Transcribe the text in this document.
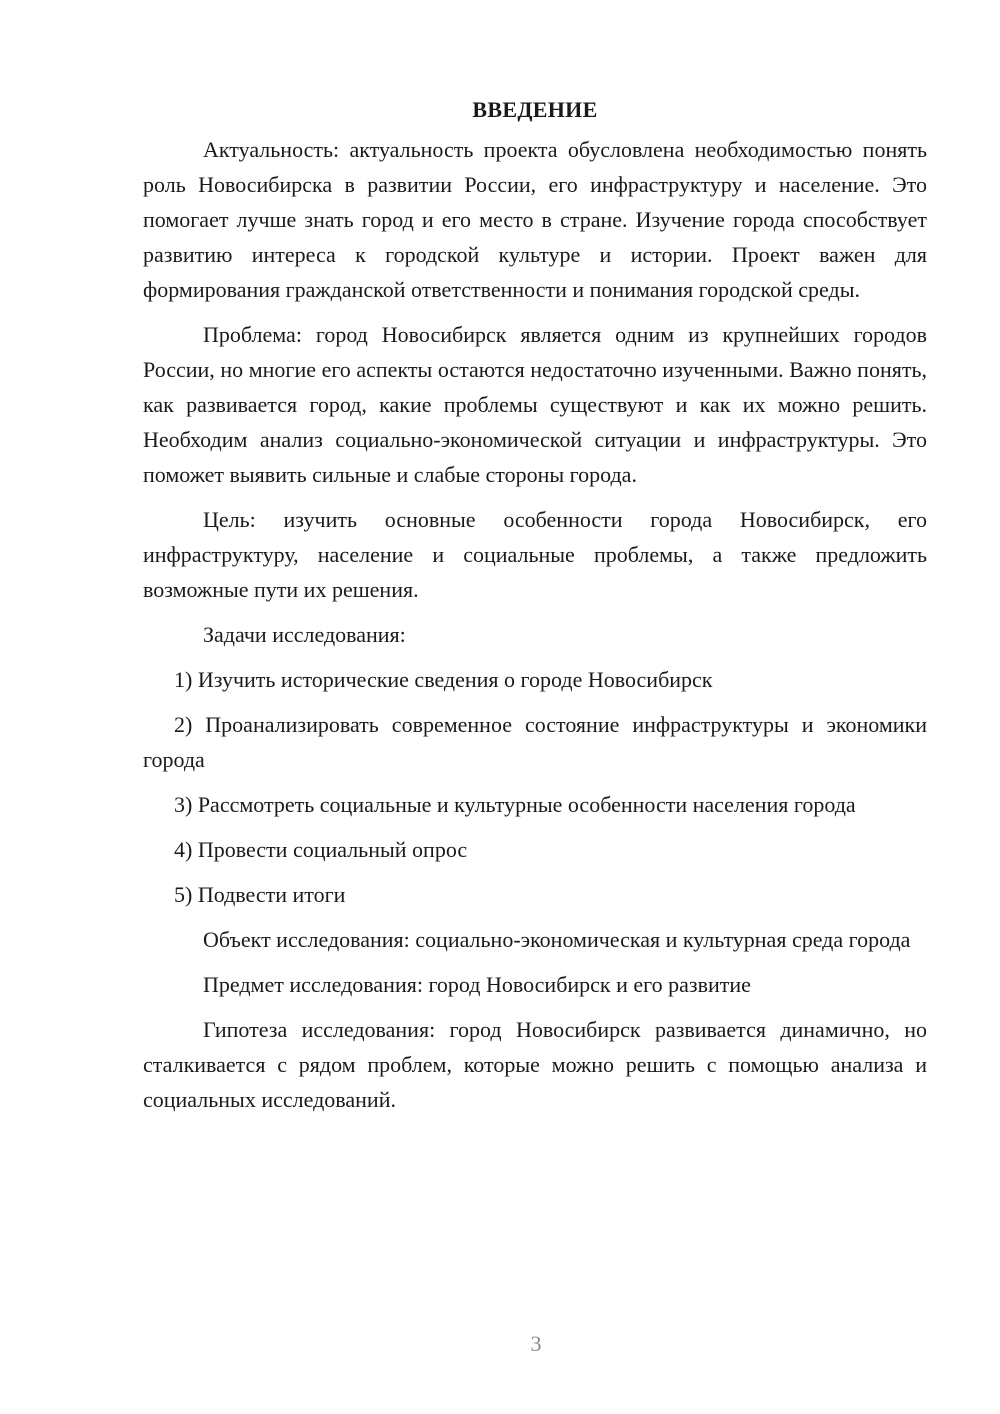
ВВЕДЕНИЕ

Актуальность: актуальность проекта обусловлена необходимостью понять роль Новосибирска в развитии России, его инфраструктуру и население. Это помогает лучше знать город и его место в стране. Изучение города способствует развитию интереса к городской культуре и истории. Проект важен для формирования гражданской ответственности и понимания городской среды.

Проблема: город Новосибирск является одним из крупнейших городов России, но многие его аспекты остаются недостаточно изученными. Важно понять, как развивается город, какие проблемы существуют и как их можно решить. Необходим анализ социально-экономической ситуации и инфраструктуры. Это поможет выявить сильные и слабые стороны города.

Цель: изучить основные особенности города Новосибирск, его инфраструктуру, население и социальные проблемы, а также предложить возможные пути их решения.

Задачи исследования:

1) Изучить исторические сведения о городе Новосибирск

2) Проанализировать современное состояние инфраструктуры и экономики города

3) Рассмотреть социальные и культурные особенности населения города

4) Провести социальный опрос

5) Подвести итоги

Объект исследования: социально-экономическая и культурная среда города

Предмет исследования: город Новосибирск и его развитие

Гипотеза исследования: город Новосибирск развивается динамично, но сталкивается с рядом проблем, которые можно решить с помощью анализа и социальных исследований.

3
